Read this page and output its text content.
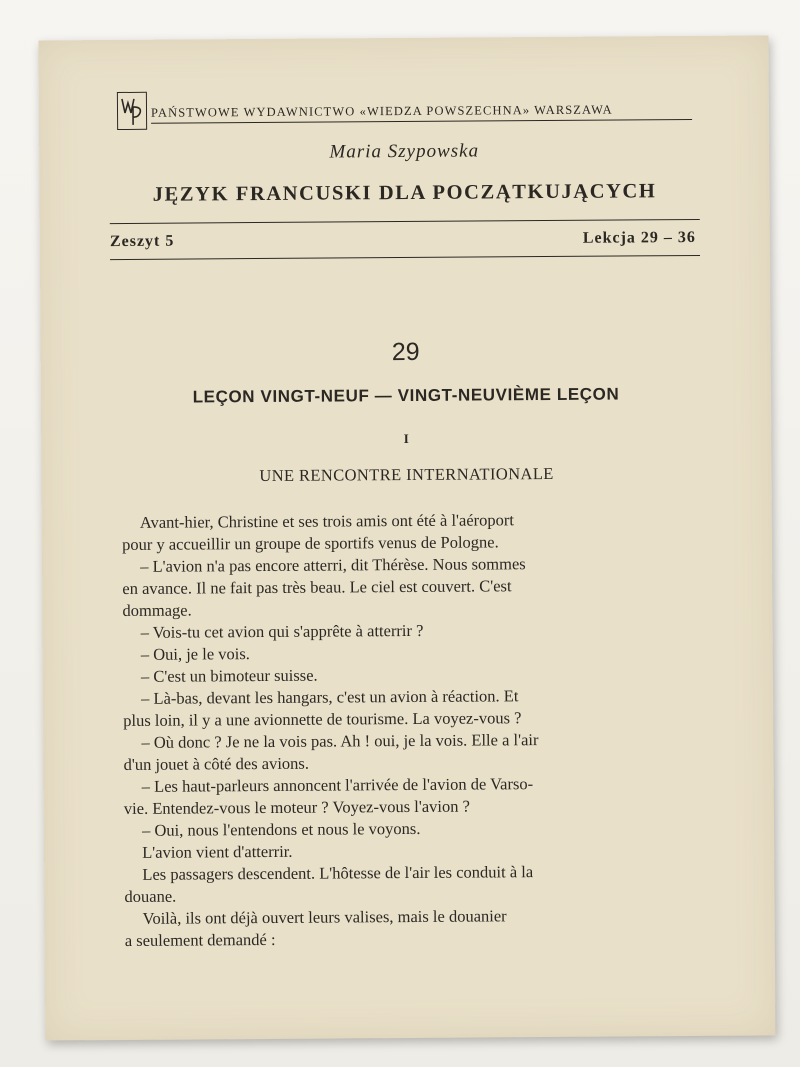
PAŃSTWOWE WYDAWNICTWO «WIEDZA POWSZECHNA» WARSZAWA
Maria Szypowska
JĘZYK FRANCUSKI DLA POCZĄTKUJĄCYCH
Zeszyt 5	Lekcja 29 – 36
29
LEÇON VINGT-NEUF — VINGT-NEUVIÈME LEÇON
I
UNE RENCONTRE INTERNATIONALE
Avant-hier, Christine et ses trois amis ont été à l'aéroport
pour y accueillir un groupe de sportifs venus de Pologne.
– L'avion n'a pas encore atterri, dit Thérèse. Nous sommes
en avance. Il ne fait pas très beau. Le ciel est couvert. C'est
dommage.
– Vois-tu cet avion qui s'apprête à atterrir ?
– Oui, je le vois.
– C'est un bimoteur suisse.
– Là-bas, devant les hangars, c'est un avion à réaction. Et
plus loin, il y a une avionnette de tourisme. La voyez-vous ?
– Où donc ? Je ne la vois pas. Ah ! oui, je la vois. Elle a l'air
d'un jouet à côté des avions.
– Les haut-parleurs annoncent l'arrivée de l'avion de Varso-
vie. Entendez-vous le moteur ? Voyez-vous l'avion ?
– Oui, nous l'entendons et nous le voyons.
L'avion vient d'atterrir.
Les passagers descendent. L'hôtesse de l'air les conduit à la
douane.
Voilà, ils ont déjà ouvert leurs valises, mais le douanier
a seulement demandé :
